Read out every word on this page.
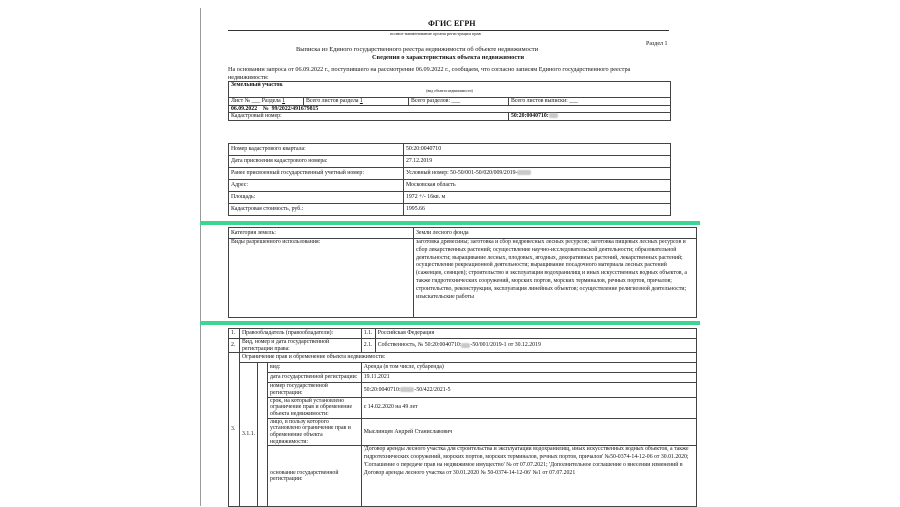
ФГИС ЕГРН
полное наименование органа регистрации прав
Раздел 1
Выписка из Единого государственного реестра недвижимости об объекте недвижимости
Сведения о характеристиках объекта недвижимости
На основании запроса от 06.09.2022 г., поступившего на рассмотрение 06.09.2022 г., сообщаем, что согласно записям Единого государственного реестра недвижимости:
Земельный участок
(вид объекта недвижимости)			

Лист № ___ Раздела 1	Всего листов раздела 1	Всего разделов: ___	Всего листов выписки: ___
06.09.2022 № 99/2022/491679815			
Кадастровый номер:			50:20:0040710:
Номер кадастрового квартала:	50:20:0040710
Дата присвоения кадастрового номера:	27.12.2019
Ранее присвоенный государственный учетный номер:	Условный номер: 50-50/001-50/020/009/2019-
Адрес:	Московская область
Площадь:	1972 +/- 16кв. м
Кадастровая стоимость, руб.:	1995.66
Категория земель:	Земли лесного фонда
Виды разрешенного использования:	заготовка древесины; заготовка и сбор недревесных лесных ресурсов; заготовка пищевых лесных ресурсов и сбор лекарственных растений; осуществление научно-исследовательской деятельности; образовательной деятельности; выращивание лесных, плодовых, ягодных, декоративных растений, лекарственных растений; осуществление рекреационной деятельности; выращивание посадочного материала лесных растений (саженцев, сеянцев); строительство и эксплуатация водохранилищ и иных искусственных водных объектов, а также гидротехнических сооружений, морских портов, морских терминалов, речных портов, причалов; строительство, реконструкция, эксплуатация линейных объектов; осуществление религиозной деятельности; изыскательские работы
1.	Правообладатель (правообладатели):			1.1.	Российская Федерация
2.	Вид, номер и дата государственной регистрации права:			2.1.	Собственность, № 50:20:0040710: -50/001/2019-1 от 30.12.2019
3.	Ограничение прав и обременение объекта недвижимости:				
	3.1.1.		вид:	Аренда (в том числе, субаренда)	
			дата государственной регистрации:	19.11.2021	
			номер государственной регистрации:	50:20:0040710: -50/422/2021-5	
			срок, на который установлено ограничение прав и обременение объекта недвижимости:	с 14.02.2020 на 49 лет	
			лицо, в пользу которого установлено ограничение прав и обременение объекта недвижимости:	Мыслинцев Андрей Станиславович	
			основание государственной регистрации:	'Договор аренды лесного участка для строительства и эксплуатации водохранилищ, иных искусственных водных объектов, а также гидротехнических сооружений, морских портов, морских терминалов, речных портов, причалов' №50-0374-14-12-06 от 30.01.2020; 'Соглашение о передаче прав на недвижимое имущество' № от 07.07.2021; 'Дополнительное соглашение о внесении изменений в Договор аренды лесного участка от 30.01.2020 № 50-0374-14-12-06' №1 от 07.07.2021	
